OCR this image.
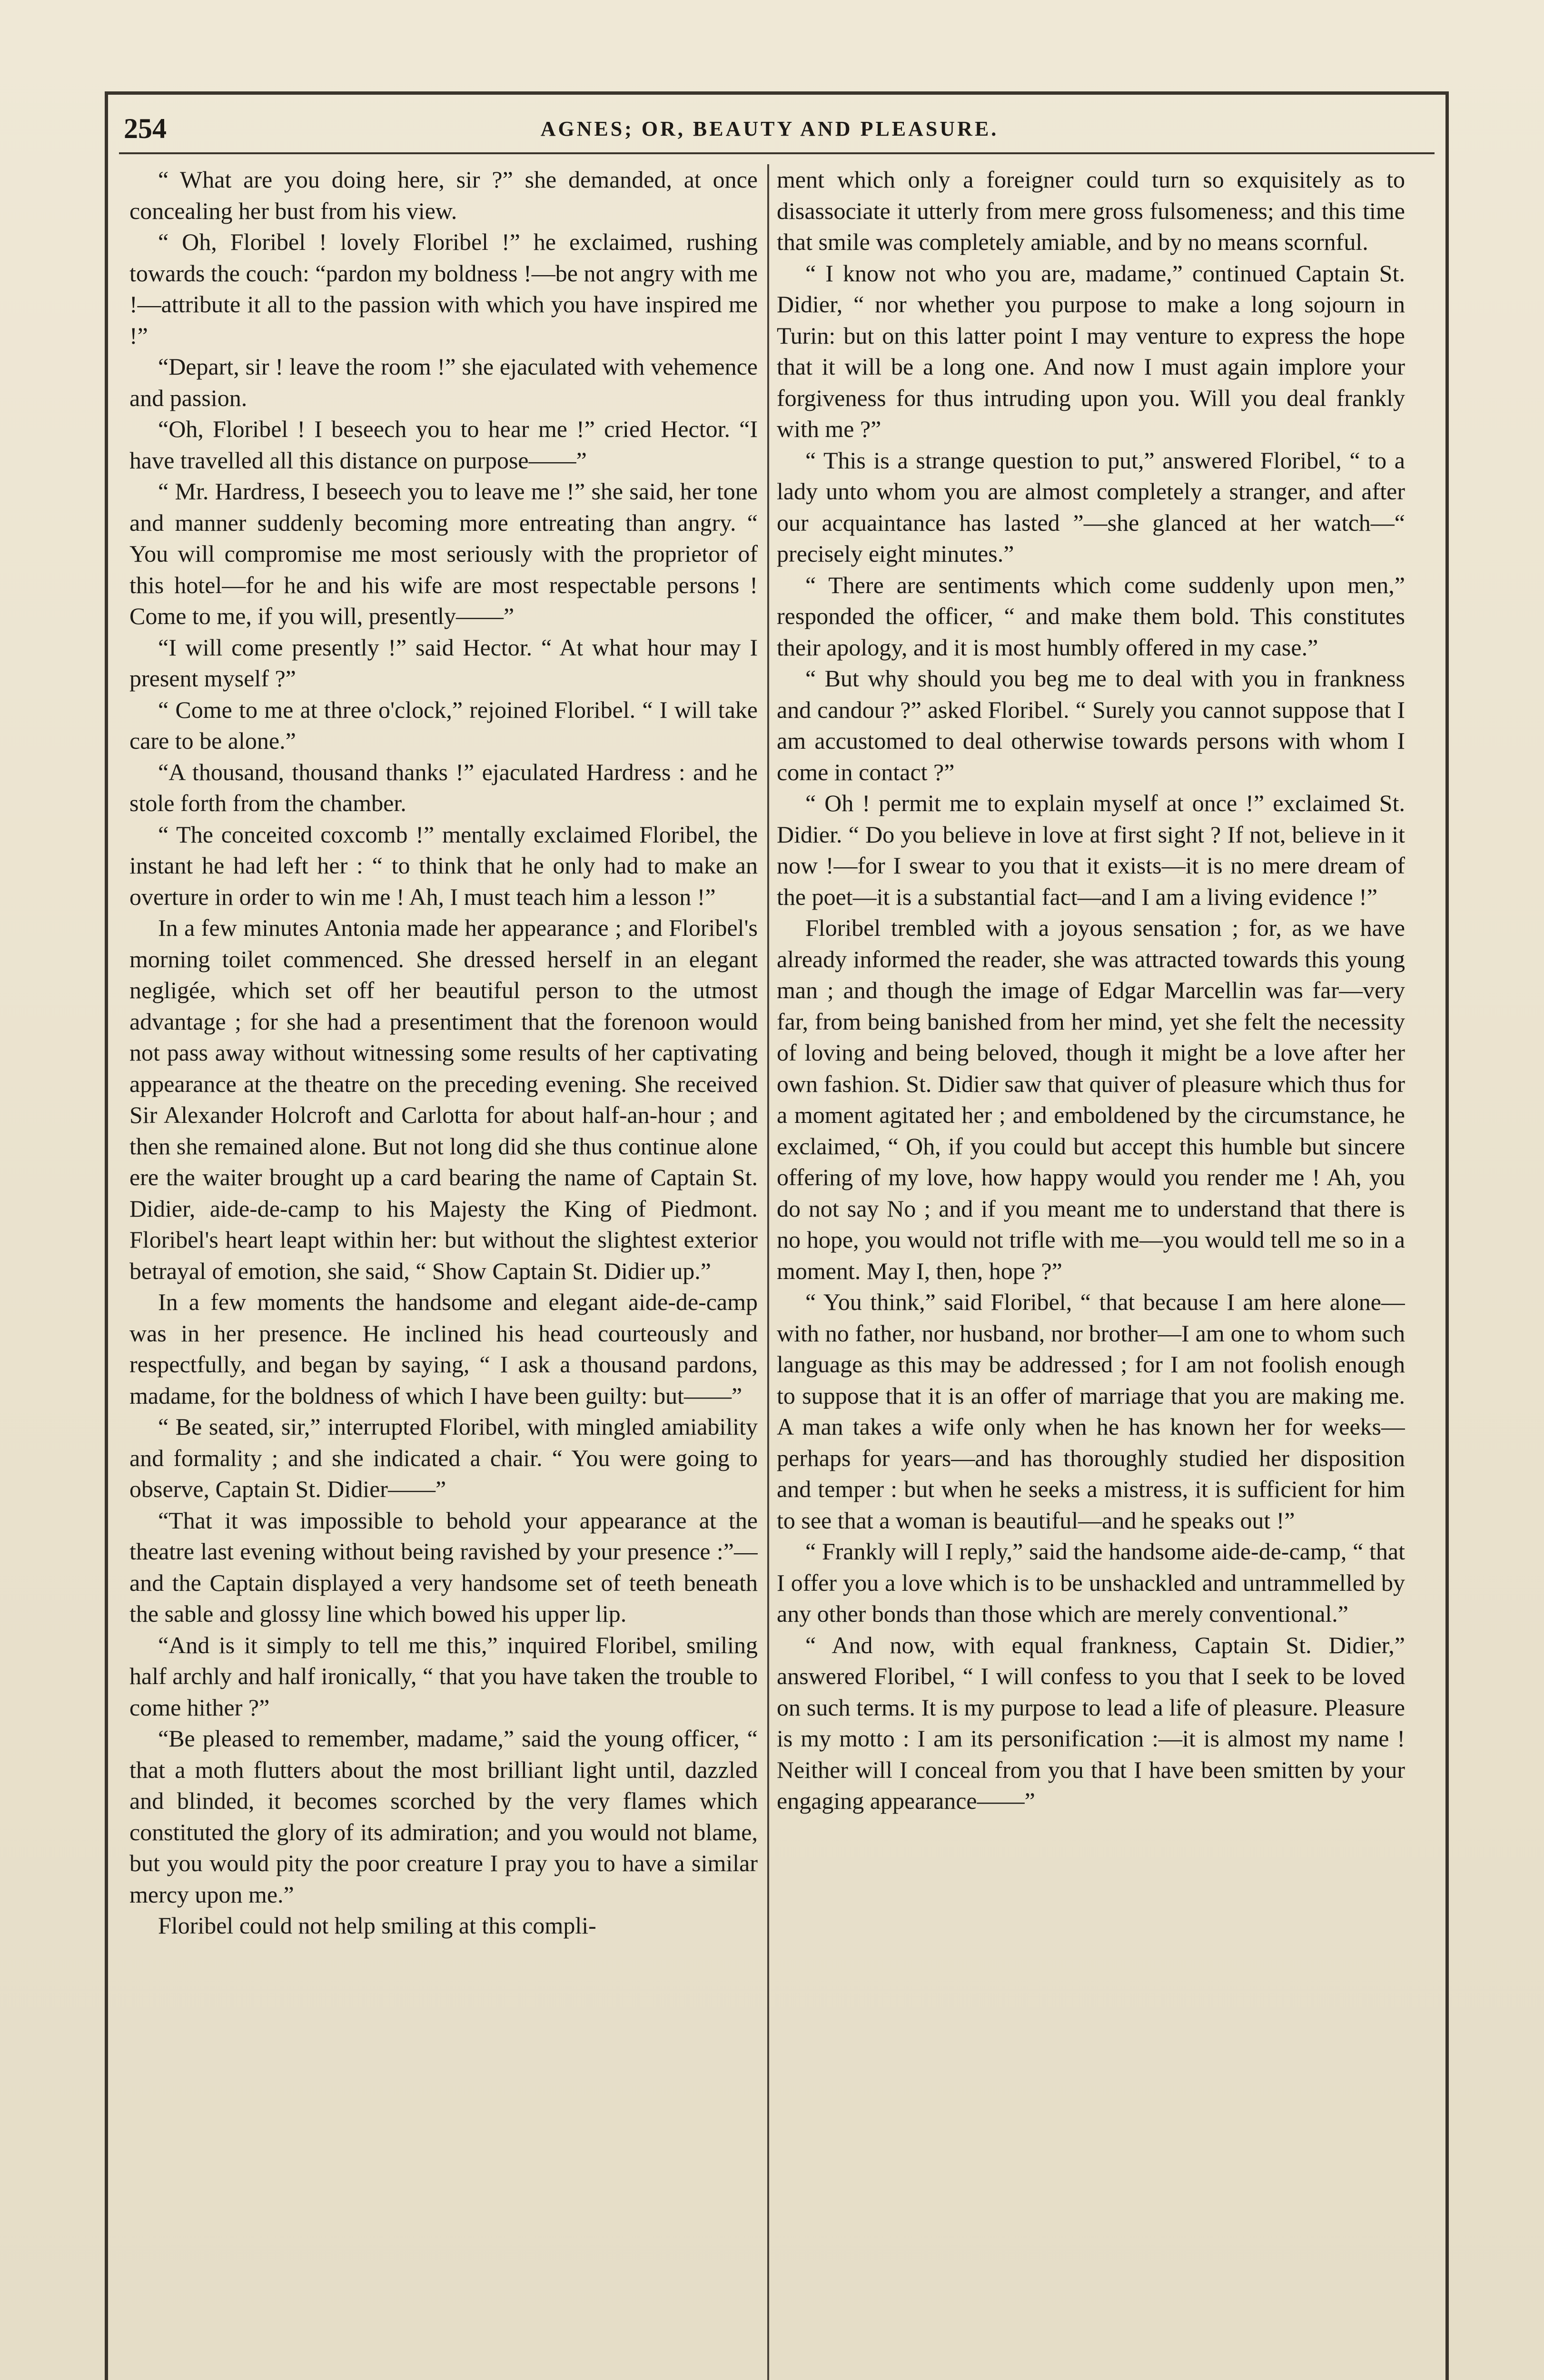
254	AGNES; OR, BEAUTY AND PLEASURE.

“ What are you doing here, sir ?” she demanded, at once concealing her bust from his view.

“ Oh, Floribel ! lovely Floribel !” he exclaimed, rushing towards the couch: “pardon my boldness !—be not angry with me !—attribute it all to the passion with which you have inspired me !”

“Depart, sir ! leave the room !” she ejaculated with vehemence and passion.

“Oh, Floribel ! I beseech you to hear me !” cried Hector. “I have travelled all this distance on purpose——”

“ Mr. Hardress, I beseech you to leave me !” she said, her tone and manner suddenly becoming more entreating than angry. “ You will compromise me most seriously with the proprietor of this hotel—for he and his wife are most respectable persons ! Come to me, if you will, presently——”

“I will come presently !” said Hector. “ At what hour may I present myself ?”

“ Come to me at three o'clock,” rejoined Floribel. “ I will take care to be alone.”

“A thousand, thousand thanks !” ejaculated Hardress : and he stole forth from the chamber.

“ The conceited coxcomb !” mentally exclaimed Floribel, the instant he had left her : “ to think that he only had to make an overture in order to win me ! Ah, I must teach him a lesson !”

In a few minutes Antonia made her appearance ; and Floribel's morning toilet commenced. She dressed herself in an elegant negligée, which set off her beautiful person to the utmost advantage ; for she had a presentiment that the forenoon would not pass away without witnessing some results of her captivating appearance at the theatre on the preceding evening. She received Sir Alexander Holcroft and Carlotta for about half-an-hour ; and then she remained alone. But not long did she thus continue alone ere the waiter brought up a card bearing the name of Captain St. Didier, aide-de-camp to his Majesty the King of Piedmont. Floribel's heart leapt within her: but without the slightest exterior betrayal of emotion, she said, “ Show Captain St. Didier up.”

In a few moments the handsome and elegant aide-de-camp was in her presence. He inclined his head courteously and respectfully, and began by saying, “ I ask a thousand pardons, madame, for the boldness of which I have been guilty: but——”

“ Be seated, sir,” interrupted Floribel, with mingled amiability and formality ; and she indicated a chair. “ You were going to observe, Captain St. Didier——”

“That it was impossible to behold your appearance at the theatre last evening without being ravished by your presence :”—and the Captain displayed a very handsome set of teeth beneath the sable and glossy line which bowed his upper lip.

“And is it simply to tell me this,” inquired Floribel, smiling half archly and half ironically, “ that you have taken the trouble to come hither ?”

“Be pleased to remember, madame,” said the young officer, “ that a moth flutters about the most brilliant light until, dazzled and blinded, it becomes scorched by the very flames which constituted the glory of its admiration; and you would not blame, but you would pity the poor creature I pray you to have a similar mercy upon me.”

Floribel could not help smiling at this compli-

ment which only a foreigner could turn so exquisitely as to disassociate it utterly from mere gross fulsomeness; and this time that smile was completely amiable, and by no means scornful.

“ I know not who you are, madame,” continued Captain St. Didier, “ nor whether you purpose to make a long sojourn in Turin: but on this latter point I may venture to express the hope that it will be a long one. And now I must again implore your forgiveness for thus intruding upon you. Will you deal frankly with me ?”

“ This is a strange question to put,” answered Floribel, “ to a lady unto whom you are almost completely a stranger, and after our acquaintance has lasted ”—she glanced at her watch—“ precisely eight minutes.”

“ There are sentiments which come suddenly upon men,” responded the officer, “ and make them bold. This constitutes their apology, and it is most humbly offered in my case.”

“ But why should you beg me to deal with you in frankness and candour ?” asked Floribel. “ Surely you cannot suppose that I am accustomed to deal otherwise towards persons with whom I come in contact ?”

“ Oh ! permit me to explain myself at once !” exclaimed St. Didier. “ Do you believe in love at first sight ? If not, believe in it now !—for I swear to you that it exists—it is no mere dream of the poet—it is a substantial fact—and I am a living evidence !”

Floribel trembled with a joyous sensation ; for, as we have already informed the reader, she was attracted towards this young man ; and though the image of Edgar Marcellin was far—very far, from being banished from her mind, yet she felt the necessity of loving and being beloved, though it might be a love after her own fashion. St. Didier saw that quiver of pleasure which thus for a moment agitated her ; and emboldened by the circumstance, he exclaimed, “ Oh, if you could but accept this humble but sincere offering of my love, how happy would you render me ! Ah, you do not say No ; and if you meant me to understand that there is no hope, you would not trifle with me—you would tell me so in a moment. May I, then, hope ?”

“ You think,” said Floribel, “ that because I am here alone—with no father, nor husband, nor brother—I am one to whom such language as this may be addressed ; for I am not foolish enough to suppose that it is an offer of marriage that you are making me. A man takes a wife only when he has known her for weeks—perhaps for years—and has thoroughly studied her disposition and temper : but when he seeks a mistress, it is sufficient for him to see that a woman is beautiful—and he speaks out !”

“ Frankly will I reply,” said the handsome aide-de-camp, “ that I offer you a love which is to be unshackled and untrammelled by any other bonds than those which are merely conventional.”

“ And now, with equal frankness, Captain St. Didier,” answered Floribel, “ I will confess to you that I seek to be loved on such terms. It is my purpose to lead a life of pleasure. Pleasure is my motto : I am its personification :—it is almost my name ! Neither will I conceal from you that I have been smitten by your engaging appearance——”
